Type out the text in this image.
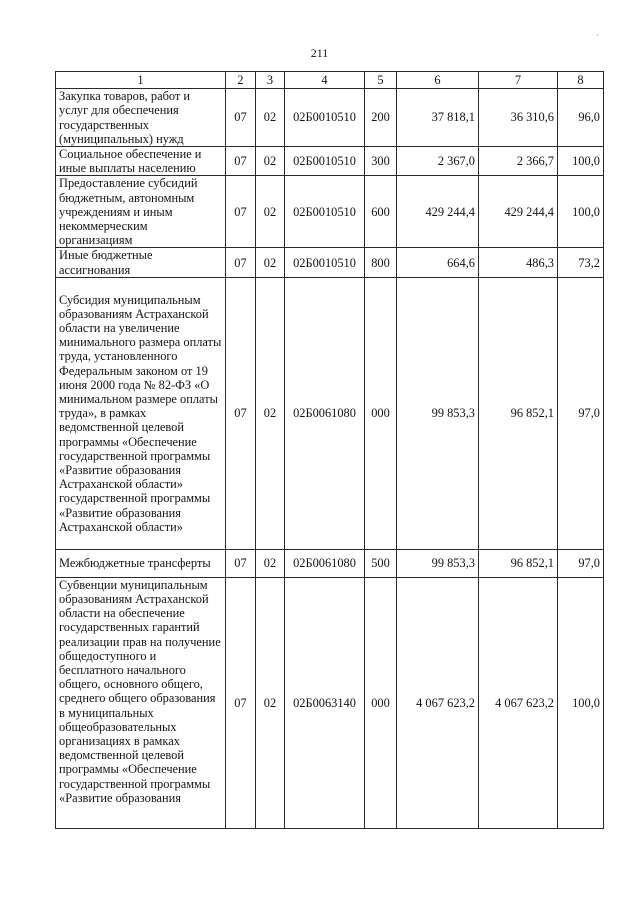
211
·
1	2	3	4	5	6	7	8
Закупка товаров, работ и услуг для обеспечения государственных (муниципальных) нужд	07	02	02Б0010510	200	37 818,1	36 310,6	96,0
Социальное обеспечение и иные выплаты населению	07	02	02Б0010510	300	2 367,0	2 366,7	100,0
Предоставление субсидий бюджетным, автономным учреждениям и иным некоммерческим организациям	07	02	02Б0010510	600	429 244,4	429 244,4	100,0
Иные бюджетные ассигнования	07	02	02Б0010510	800	664,6	486,3	73,2
Субсидия муниципальным образованиям Астраханской области на увеличение минимального размера оплаты труда, установленного Федеральным законом от 19 июня 2000 года № 82-ФЗ «О минимальном размере оплаты труда», в рамках ведомственной целевой программы «Обеспечение государственной программы «Развитие образования Астраханской области» государственной программы «Развитие образования Астраханской области»	07	02	02Б0061080	000	99 853,3	96 852,1	97,0
Межбюджетные трансферты	07	02	02Б0061080	500	99 853,3	96 852,1	97,0
Субвенции муниципальным образованиям Астраханской области на обеспечение государственных гарантий реализации прав на получение общедоступного и бесплатного начального общего, основного общего, среднего общего образования в муниципальных общеобразовательных организациях в рамках ведомственной целевой программы «Обеспечение государственной программы «Развитие образования	07	02	02Б0063140	000	4 067 623,2	4 067 623,2	100,0
